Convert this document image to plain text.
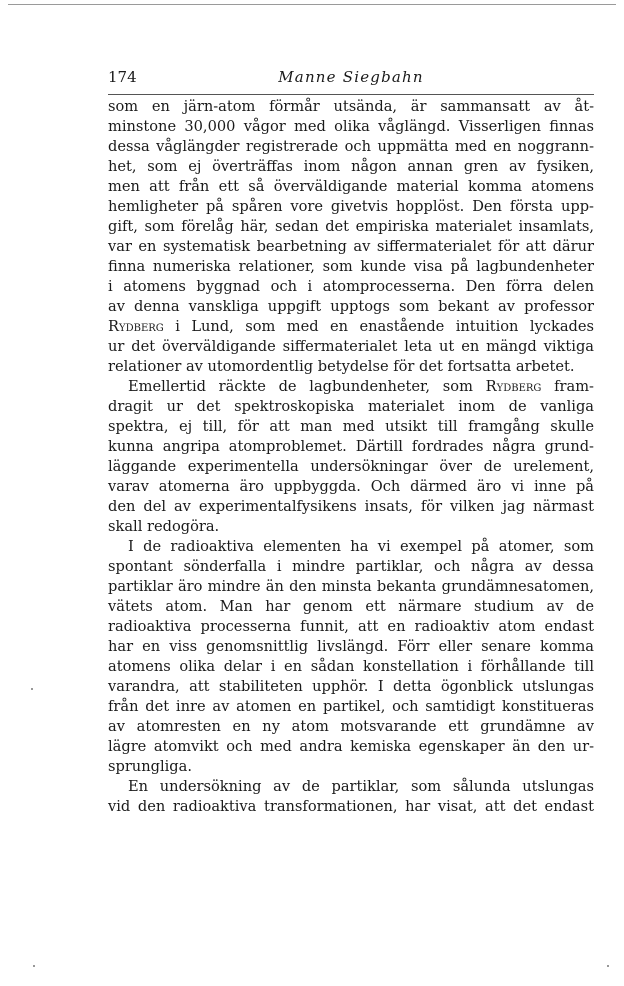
174	Manne Siegbahn
som en järn-atom förmår utsända, är sammansatt av åt-
minstone 30,000 vågor med olika våglängd. Visserligen finnas
dessa våglängder registrerade och uppmätta med en noggrann-
het, som ej överträffas inom någon annan gren av fysiken,
men att från ett så överväldigande material komma atomens
hemligheter på spåren vore givetvis hopplöst. Den första upp-
gift, som förelåg här, sedan det empiriska materialet insamlats,
var en systematisk bearbetning av siffermaterialet för att därur
finna numeriska relationer, som kunde visa på lagbundenheter
i atomens byggnad och i atomprocesserna. Den förra delen
av denna vanskliga uppgift upptogs som bekant av professor
Rydberg i Lund, som med en enastående intuition lyckades
ur det överväldigande siffermaterialet leta ut en mängd viktiga
relationer av utomordentlig betydelse för det fortsatta arbetet.
Emellertid räckte de lagbundenheter, som Rydberg fram-
dragit ur det spektroskopiska materialet inom de vanliga
spektra, ej till, för att man med utsikt till framgång skulle
kunna angripa atomproblemet. Därtill fordrades några grund-
läggande experimentella undersökningar över de urelement,
varav atomerna äro uppbyggda. Och därmed äro vi inne på
den del av experimentalfysikens insats, för vilken jag närmast
skall redogöra.
I de radioaktiva elementen ha vi exempel på atomer, som
spontant sönderfalla i mindre partiklar, och några av dessa
partiklar äro mindre än den minsta bekanta grundämnesatomen,
vätets atom. Man har genom ett närmare studium av de
radioaktiva processerna funnit, att en radioaktiv atom endast
har en viss genomsnittlig livslängd. Förr eller senare komma
atomens olika delar i en sådan konstellation i förhållande till
varandra, att stabiliteten upphör. I detta ögonblick utslungas
från det inre av atomen en partikel, och samtidigt konstitueras
av atomresten en ny atom motsvarande ett grundämne av
lägre atomvikt och med andra kemiska egenskaper än den ur-
sprungliga.
En undersökning av de partiklar, som sålunda utslungas
vid den radioaktiva transformationen, har visat, att det endast
